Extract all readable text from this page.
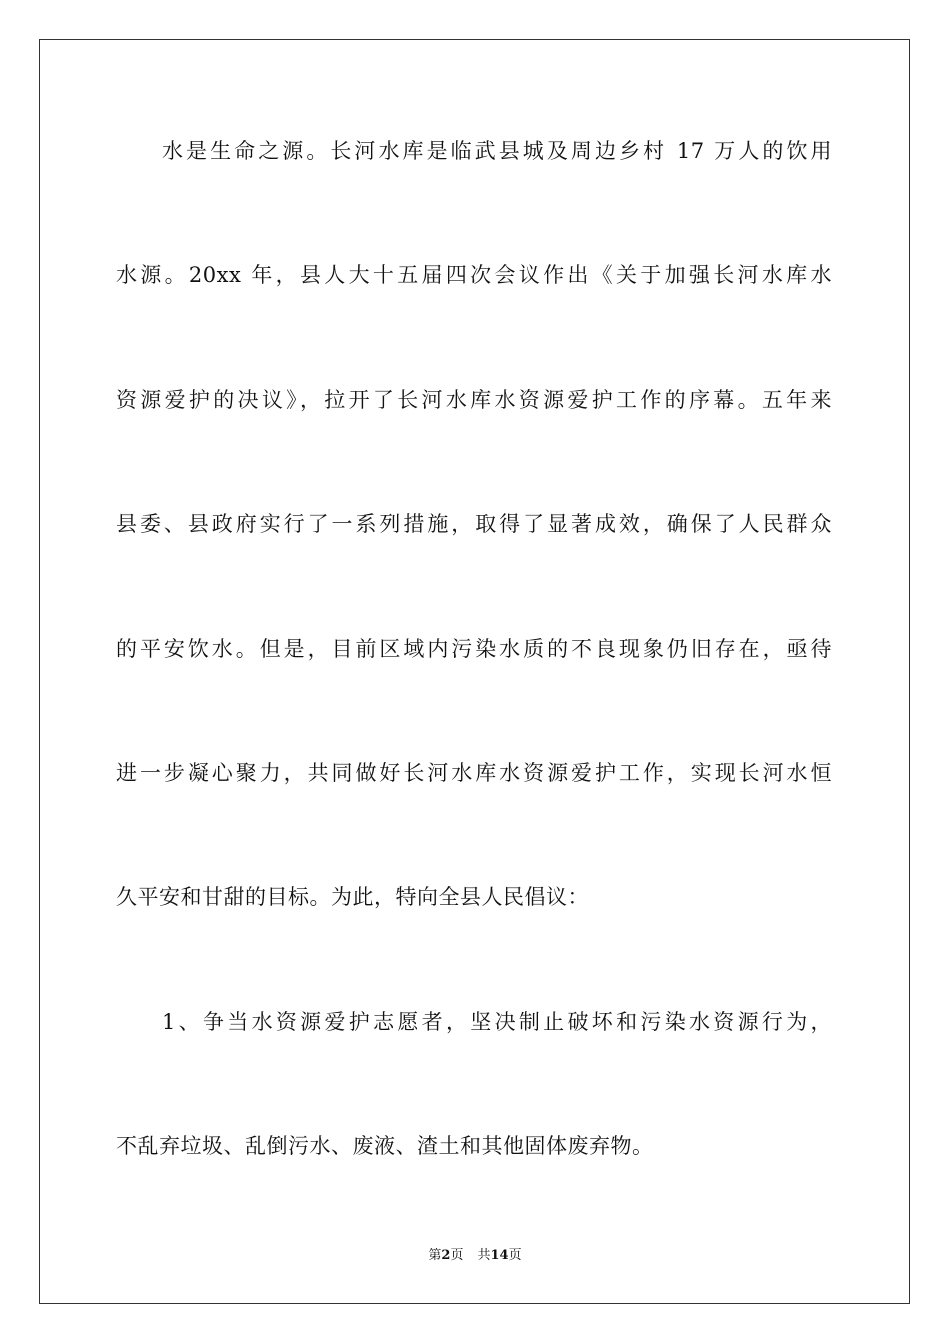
水是生命之源。长河水库是临武县城及周边乡村 17 万人的饮用
水源。20xx 年，县人大十五届四次会议作出《关于加强长河水库水
资源爱护的决议》，拉开了长河水库水资源爱护工作的序幕。五年来
县委、县政府实行了一系列措施，取得了显著成效，确保了人民群众
的平安饮水。但是，目前区域内污染水质的不良现象仍旧存在，亟待
进一步凝心聚力，共同做好长河水库水资源爱护工作，实现长河水恒
久平安和甘甜的目标。为此，特向全县人民倡议：
1、争当水资源爱护志愿者，坚决制止破坏和污染水资源行为，
不乱弃垃圾、乱倒污水、废液、渣土和其他固体废弃物。
第2页 共14页
